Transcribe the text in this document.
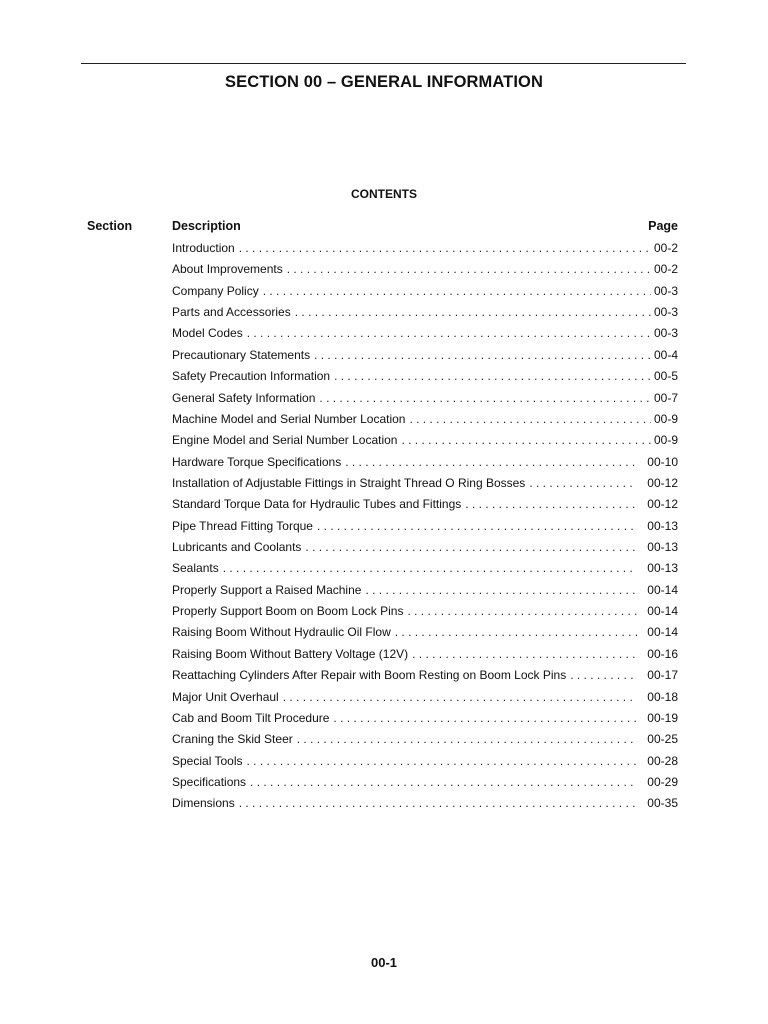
SECTION 00 – GENERAL INFORMATION
CONTENTS
Section	Description	Page
Introduction . . .	00-2
About Improvements . . .	00-2
Company Policy . . .	00-3
Parts and Accessories . . .	00-3
Model Codes . . .	00-3
Precautionary Statements . . .	00-4
Safety Precaution Information . . .	00-5
General Safety Information . . .	00-7
Machine Model and Serial Number Location . . .	00-9
Engine Model and Serial Number Location . . .	00-9
Hardware Torque Specifications . . .	00-10
Installation of Adjustable Fittings in Straight Thread O Ring Bosses . . .	00-12
Standard Torque Data for Hydraulic Tubes and Fittings . . .	00-12
Pipe Thread Fitting Torque . . .	00-13
Lubricants and Coolants . . .	00-13
Sealants . . .	00-13
Properly Support a Raised Machine . . .	00-14
Properly Support Boom on Boom Lock Pins . . .	00-14
Raising Boom Without Hydraulic Oil Flow . . .	00-14
Raising Boom Without Battery Voltage (12V) . . .	00-16
Reattaching Cylinders After Repair with Boom Resting on Boom Lock Pins . . .	00-17
Major Unit Overhaul . . .	00-18
Cab and Boom Tilt Procedure . . .	00-19
Craning the Skid Steer . . .	00-25
Special Tools . . .	00-28
Specifications . . .	00-29
Dimensions . . .	00-35
00-1
